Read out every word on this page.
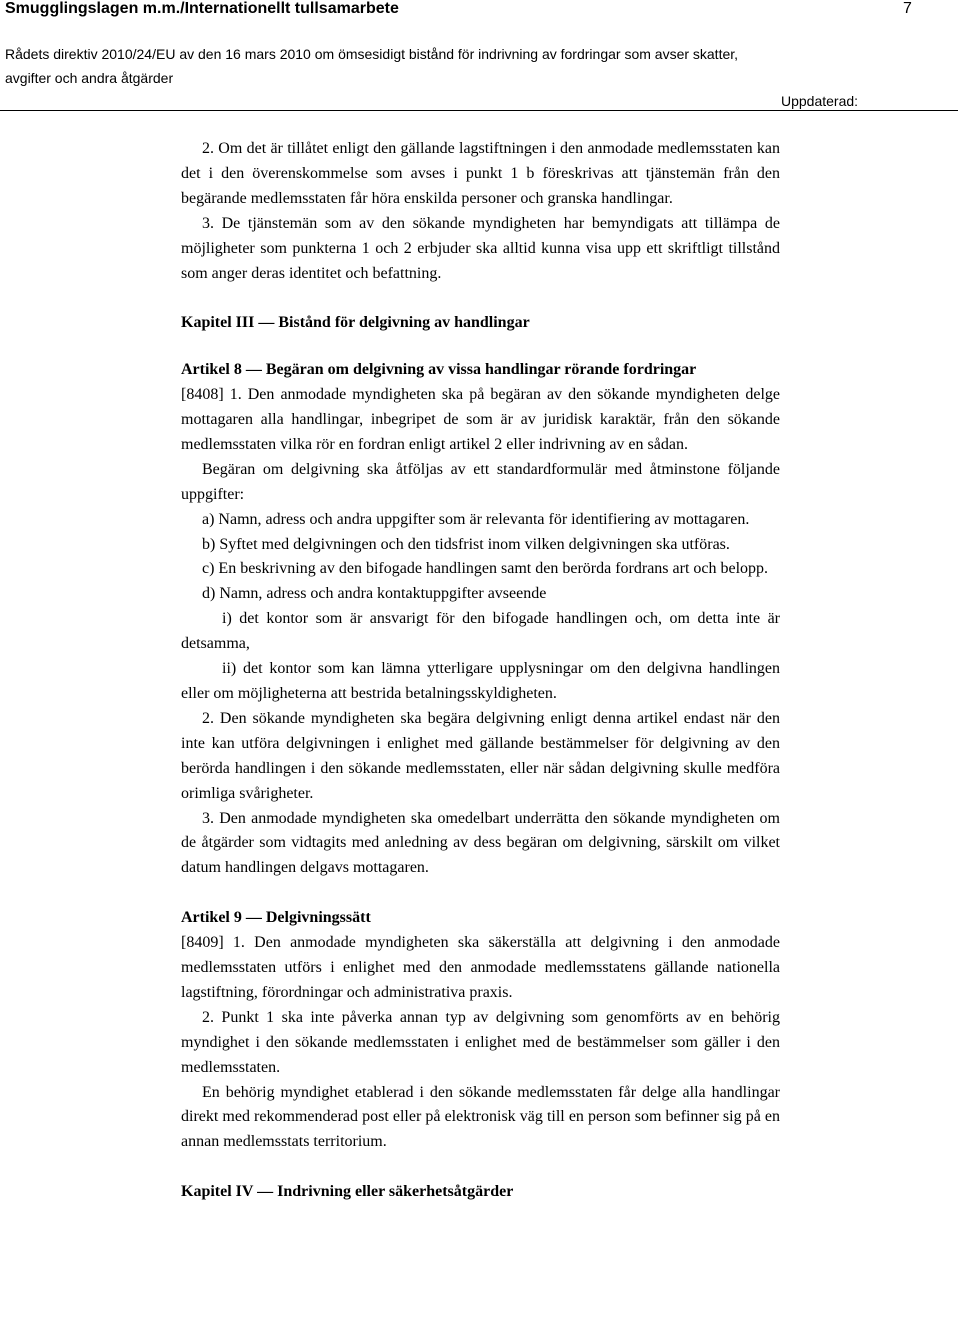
Smugglingslagen m.m./Internationellt tullsamarbete	7
Rådets direktiv 2010/24/EU av den 16 mars 2010 om ömsesidigt bistånd för indrivning av fordringar som avser skatter,
avgifter och andra åtgärder
Uppdaterad:

2. Om det är tillåtet enligt den gällande lagstiftningen i den anmodade medlemsstaten kan det i den överenskommelse som avses i punkt 1 b föreskrivas att tjänstemän från den begärande medlemsstaten får höra enskilda personer och granska handlingar.

3. De tjänstemän som av den sökande myndigheten har bemyndigats att tillämpa de möjligheter som punkterna 1 och 2 erbjuder ska alltid kunna visa upp ett skriftligt tillstånd som anger deras identitet och befattning.

Kapitel III — Bistånd för delgivning av handlingar
Artikel 8 — Begäran om delgivning av vissa handlingar rörande fordringar

[8408] 1. Den anmodade myndigheten ska på begäran av den sökande myndigheten delge mottagaren alla handlingar, inbegripet de som är av juridisk karaktär, från den sökande medlemsstaten vilka rör en fordran enligt artikel 2 eller indrivning av en sådan.

Begäran om delgivning ska åtföljas av ett standardformulär med åtminstone följande uppgifter:

a) Namn, adress och andra uppgifter som är relevanta för identifiering av mottagaren.

b) Syftet med delgivningen och den tidsfrist inom vilken delgivningen ska utföras.

c) En beskrivning av den bifogade handlingen samt den berörda fordrans art och belopp.

d) Namn, adress och andra kontaktuppgifter avseende

i) det kontor som är ansvarigt för den bifogade handlingen och, om detta inte är detsamma,

ii) det kontor som kan lämna ytterligare upplysningar om den delgivna handlingen eller om möjligheterna att bestrida betalningsskyldigheten.

2. Den sökande myndigheten ska begära delgivning enligt denna artikel endast när den inte kan utföra delgivningen i enlighet med gällande bestämmelser för delgivning av den berörda handlingen i den sökande medlemsstaten, eller när sådan delgivning skulle medföra orimliga svårigheter.

3. Den anmodade myndigheten ska omedelbart underrätta den sökande myndigheten om de åtgärder som vidtagits med anledning av dess begäran om delgivning, särskilt om vilket datum handlingen delgavs mottagaren.

Artikel 9 — Delgivningssätt

[8409] 1. Den anmodade myndigheten ska säkerställa att delgivning i den anmodade medlemsstaten utförs i enlighet med den anmodade medlemsstatens gällande nationella lagstiftning, förordningar och administrativa praxis.

2. Punkt 1 ska inte påverka annan typ av delgivning som genomförts av en behörig myndighet i den sökande medlemsstaten i enlighet med de bestämmelser som gäller i den medlemsstaten.

En behörig myndighet etablerad i den sökande medlemsstaten får delge alla handlingar direkt med rekommenderad post eller på elektronisk väg till en person som befinner sig på en annan medlemsstats territorium.

Kapitel IV — Indrivning eller säkerhetsåtgärder
